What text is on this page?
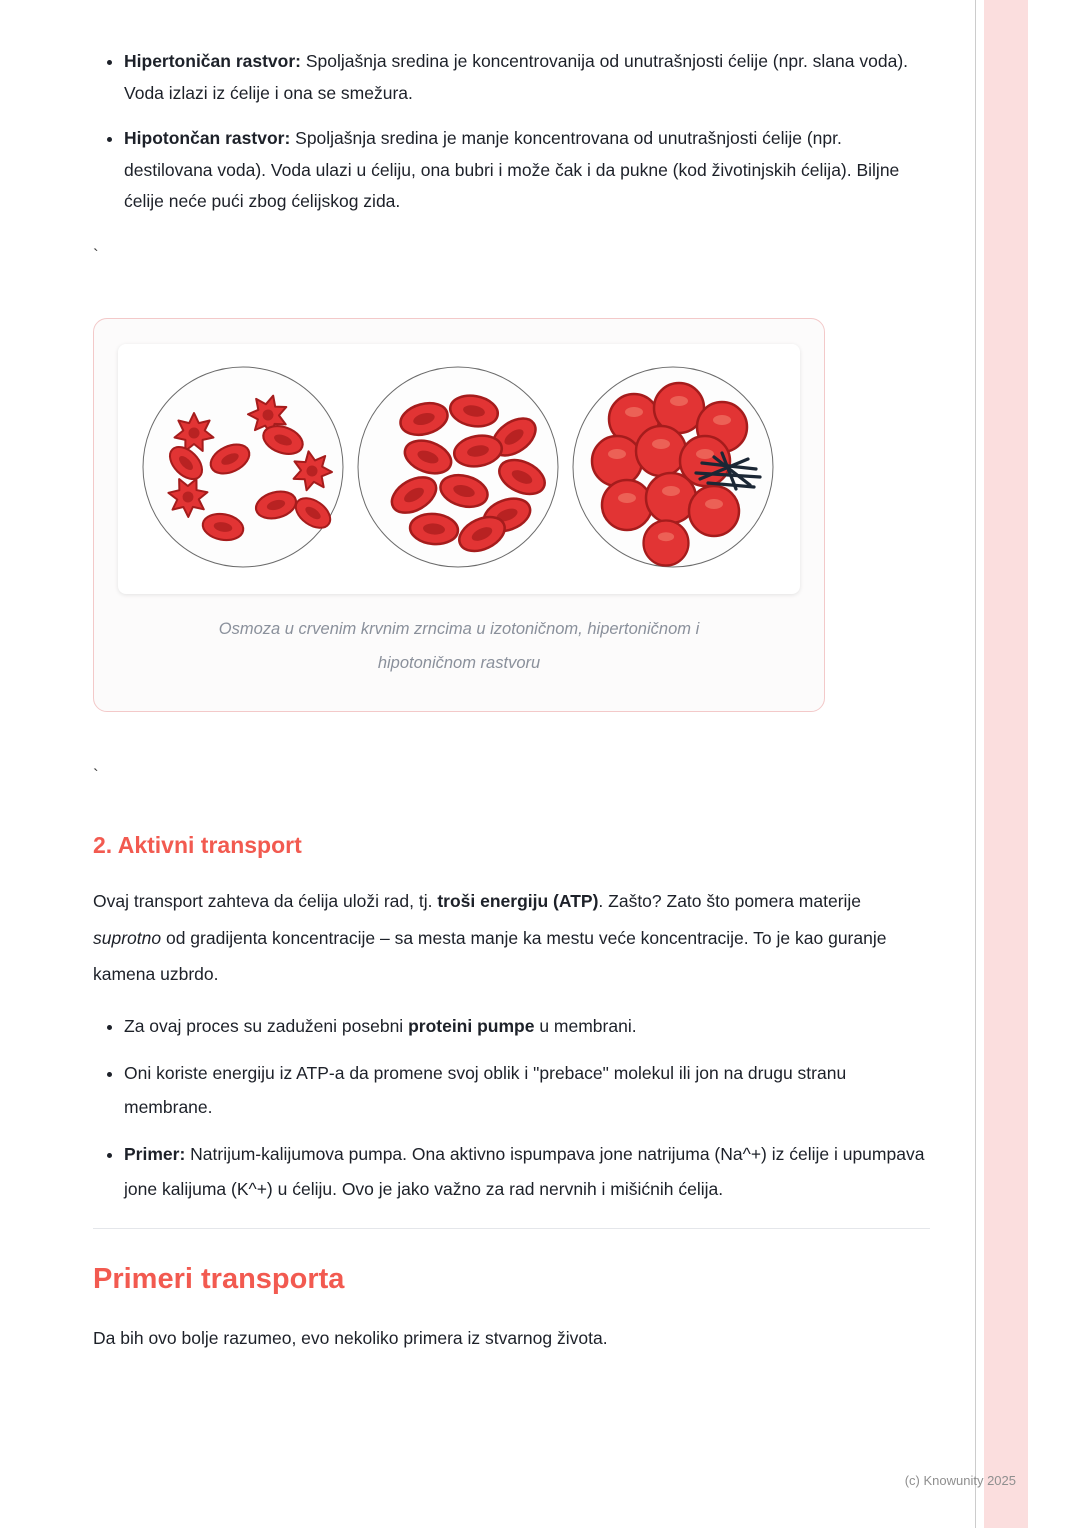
• Hipertoničan rastvor: Spoljašnja sredina je koncentrovanija od unutrašnjosti ćelije (npr. slana voda). Voda izlazi iz ćelije i ona se smežura.
• Hipotončan rastvor: Spoljašnja sredina je manje koncentrovana od unutrašnjosti ćelije (npr. destilovana voda). Voda ulazi u ćeliju, ona bubri i može čak i da pukne (kod životinjskih ćelija). Biljne ćelije neće pući zbog ćelijskog zida.
`
Osmoza u crvenim krvnim zrncima u izotoničnom, hipertoničnom i
hipotoničnom rastvoru
`
2. Aktivni transport

Ovaj transport zahteva da ćelija uloži rad, tj. troši energiju (ATP). Zašto? Zato što pomera materije suprotno od gradijenta koncentracije – sa mesta manje ka mestu veće koncentracije. To je kao guranje kamena uzbrdo.

• Za ovaj proces su zaduženi posebni proteini pumpe u membrani.
• Oni koriste energiju iz ATP-a da promene svoj oblik i "prebace" molekul ili jon na drugu stranu membrane.
• Primer: Natrijum-kalijumova pumpa. Ona aktivno ispumpava jone natrijuma (Na^+) iz ćelije i upumpava jone kalijuma (K^+) u ćeliju. Ovo je jako važno za rad nervnih i mišićnih ćelija.
Primeri transporta

Da bih ovo bolje razumeo, evo nekoliko primera iz stvarnog života.

(c) Knowunity 2025
